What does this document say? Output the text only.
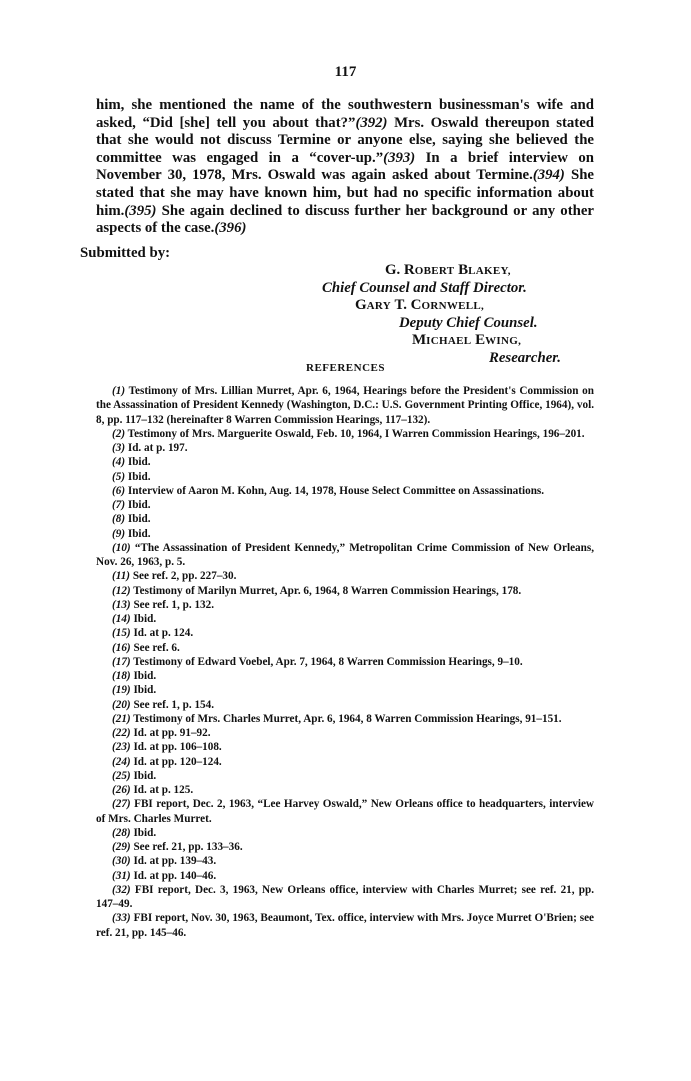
117
him, she mentioned the name of the southwestern businessman's wife and asked, “Did [she] tell you about that?”(392) Mrs. Oswald thereupon stated that she would not discuss Termine or anyone else, saying she believed the committee was engaged in a “cover-up.”(393) In a brief interview on November 30, 1978, Mrs. Oswald was again asked about Termine.(394) She stated that she may have known him, but had no specific information about him.(395) She again declined to discuss further her background or any other aspects of the case.(396)
Submitted by:
G. ROBERT BLAKEY,
Chief Counsel and Staff Director.
GARY T. CORNWELL,
Deputy Chief Counsel.
MICHAEL EWING,
Researcher.
REFERENCES

(1) Testimony of Mrs. Lillian Murret, Apr. 6, 1964, Hearings before the President's Commission on the Assassination of President Kennedy (Washington, D.C.: U.S. Government Printing Office, 1964), vol. 8, pp. 117–132 (hereinafter 8 Warren Commission Hearings, 117–132).

(2) Testimony of Mrs. Marguerite Oswald, Feb. 10, 1964, I Warren Commission Hearings, 196–201.

(3) Id. at p. 197.

(4) Ibid.

(5) Ibid.

(6) Interview of Aaron M. Kohn, Aug. 14, 1978, House Select Committee on Assassinations.

(7) Ibid.

(8) Ibid.

(9) Ibid.

(10) “The Assassination of President Kennedy,” Metropolitan Crime Commission of New Orleans, Nov. 26, 1963, p. 5.

(11) See ref. 2, pp. 227–30.

(12) Testimony of Marilyn Murret, Apr. 6, 1964, 8 Warren Commission Hearings, 178.

(13) See ref. 1, p. 132.

(14) Ibid.

(15) Id. at p. 124.

(16) See ref. 6.

(17) Testimony of Edward Voebel, Apr. 7, 1964, 8 Warren Commission Hearings, 9–10.

(18) Ibid.

(19) Ibid.

(20) See ref. 1, p. 154.

(21) Testimony of Mrs. Charles Murret, Apr. 6, 1964, 8 Warren Commission Hearings, 91–151.

(22) Id. at pp. 91–92.

(23) Id. at pp. 106–108.

(24) Id. at pp. 120–124.

(25) Ibid.

(26) Id. at p. 125.

(27) FBI report, Dec. 2, 1963, “Lee Harvey Oswald,” New Orleans office to headquarters, interview of Mrs. Charles Murret.

(28) Ibid.

(29) See ref. 21, pp. 133–36.

(30) Id. at pp. 139–43.

(31) Id. at pp. 140–46.

(32) FBI report, Dec. 3, 1963, New Orleans office, interview with Charles Murret; see ref. 21, pp. 147–49.

(33) FBI report, Nov. 30, 1963, Beaumont, Tex. office, interview with Mrs. Joyce Murret O'Brien; see ref. 21, pp. 145–46.
